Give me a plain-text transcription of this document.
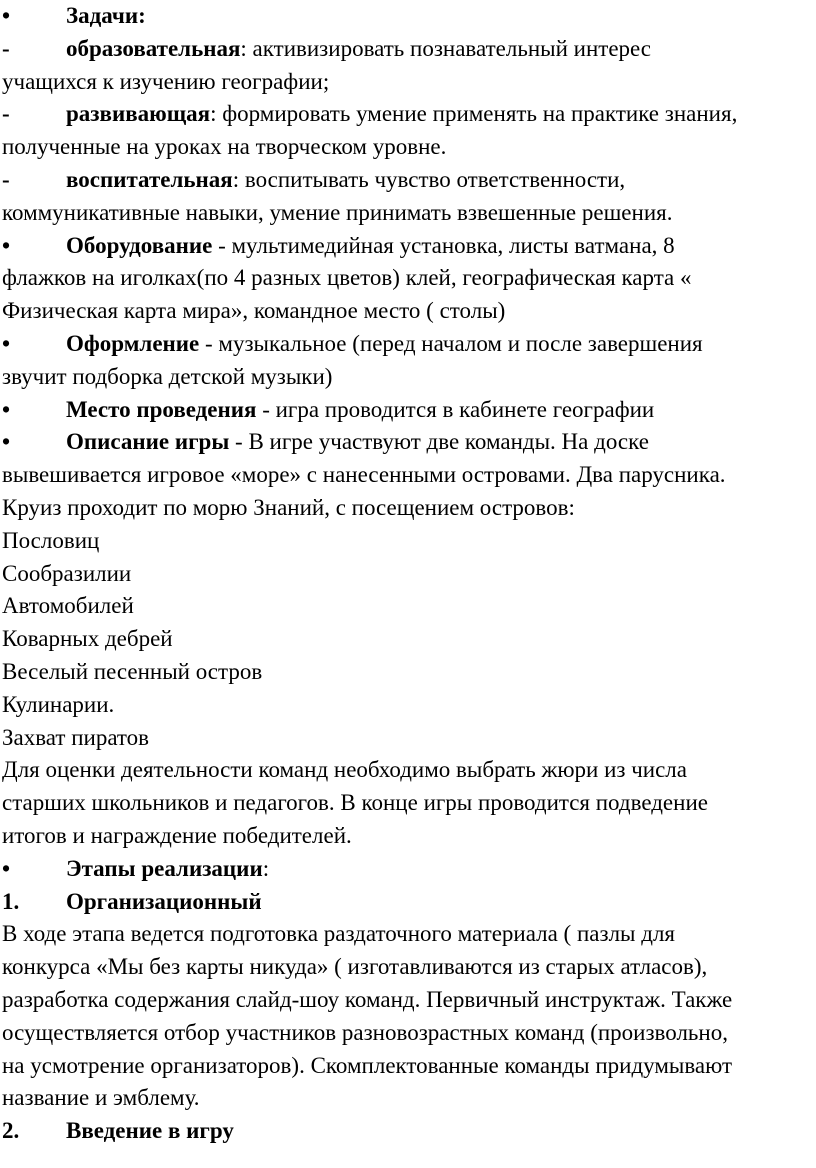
• Задачи:
- образовательная: активизировать познавательный интерес
учащихся к изучению географии;
- развивающая: формировать умение применять на практике знания,
полученные на уроках на творческом уровне.
- воспитательная: воспитывать чувство ответственности,
коммуникативные навыки, умение принимать взвешенные решения.
• Оборудование - мультимедийная установка, листы ватмана, 8
флажков на иголках(по 4 разных цветов) клей, географическая карта «
Физическая карта мира», командное место ( столы)
• Оформление - музыкальное (перед началом и после завершения
звучит подборка детской музыки)
• Место проведения - игра проводится в кабинете географии
• Описание игры - В игре участвуют две команды. На доске
вывешивается игровое «море» с нанесенными островами. Два парусника.
Круиз проходит по морю Знаний, с посещением островов:
Пословиц
Сообразилии
Автомобилей
Коварных дебрей
Веселый песенный остров
Кулинарии.
Захват пиратов
Для оценки деятельности команд необходимо выбрать жюри из числа
старших школьников и педагогов. В конце игры проводится подведение
итогов и награждение победителей.
• Этапы реализации:
1. Организационный
В ходе этапа ведется подготовка раздаточного материала ( пазлы для
конкурса «Мы без карты никуда» ( изготавливаются из старых атласов),
разработка содержания слайд-шоу команд. Первичный инструктаж. Также
осуществляется отбор участников разновозрастных команд (произвольно,
на усмотрение организаторов). Скомплектованные команды придумывают
название и эмблему.
2. Введение в игру
